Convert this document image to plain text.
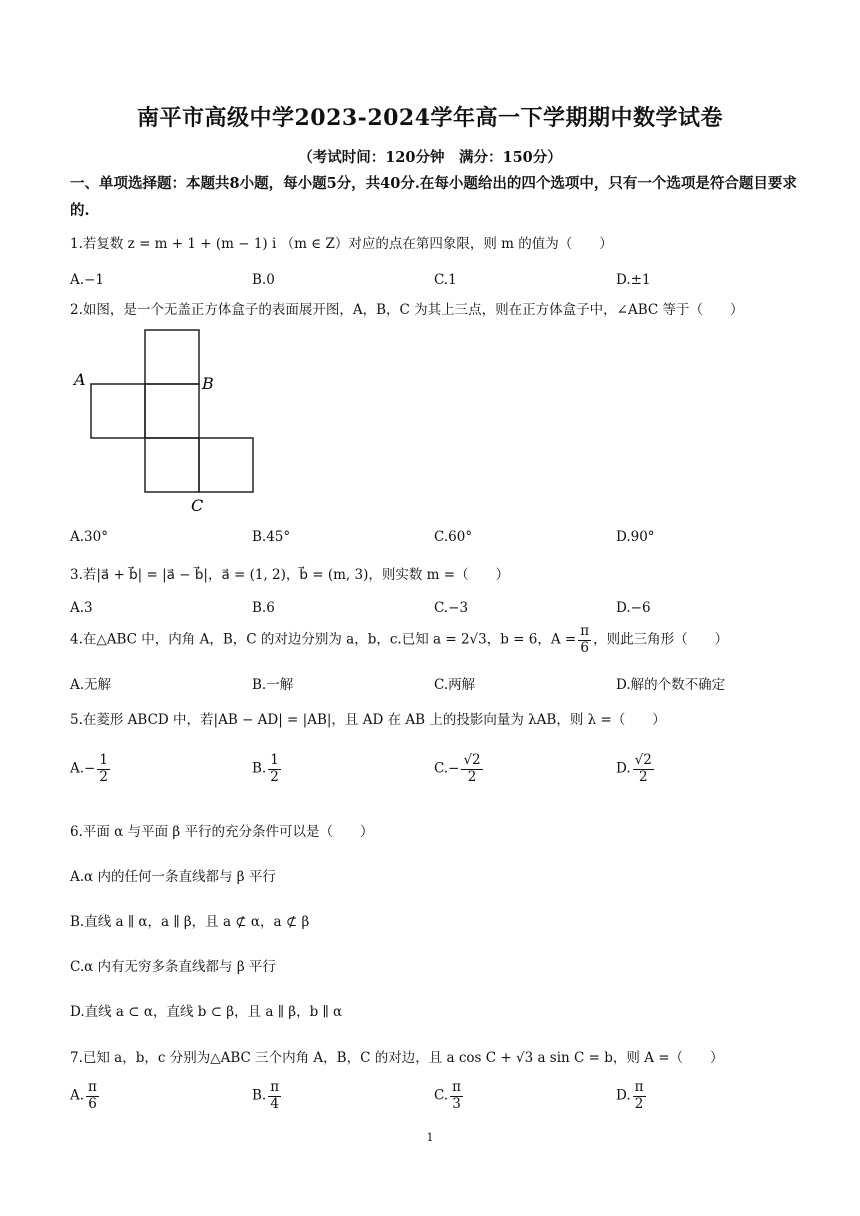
南平市高级中学2023-2024学年高一下学期期中数学试卷
（考试时间：120分钟　满分：150分）
一、单项选择题：本题共8小题，每小题5分，共40分.在每小题给出的四个选项中，只有一个选项是符合题目要求的.
1.若复数 z = m + 1 + (m − 1) i （m ∈ Z）对应的点在第四象限，则 m 的值为（　　）
A.−1	B.0	C.1	D.±1
2.如图，是一个无盖正方体盒子的表面展开图，A，B，C 为其上三点，则在正方体盒子中，∠ABC 等于（　　）
A	B
C
A.30°	B.45°	C.60°	D.90°
3.若|a⃗ + b⃗| = |a⃗ − b⃗|，a⃗ = (1, 2)，b⃗ = (m, 3)，则实数 m =（　　）
A.3	B.6	C.−3	D.−6
4.在△ABC 中，内角 A，B，C 的对边分别为 a，b，c.已知 a = 2√3，b = 6，$A = \frac{\pi}{6}$ ，则此三角形（　　）
A.无解	B.一解	C.两解	D.解的个数不确定
5.在菱形 ABCD 中，若|AB − AD| = |AB|，且 AD 在 AB 上的投影向量为 λAB，则 λ =（　　）
$A.- \frac{1}{2}$	B. $\frac{1}{2}$	$C.- \frac{√2}{2}$	D. $\frac{√2}{2}$
6.平面 α 与平面 β 平行的充分条件可以是（　　）
A.α 内的任何一条直线都与 β 平行
B.直线 a ∥ α，a ∥ β，且 a ⊄ α，a ⊄ β
C.α 内有无穷多条直线都与 β 平行
D.直线 a ⊂ α，直线 b ⊂ β，且 a ∥ β，b ∥ α
7.已知 a，b，c 分别为△ABC 三个内角 A，B，C 的对边，且 a cos C + √3 a sin C = b，则 A =（　　）
A. $\frac{\pi}{6}$	B. $\frac{\pi}{4}$	C. $\frac{\pi}{3}$	D. $\frac{\pi}{2}$
1
